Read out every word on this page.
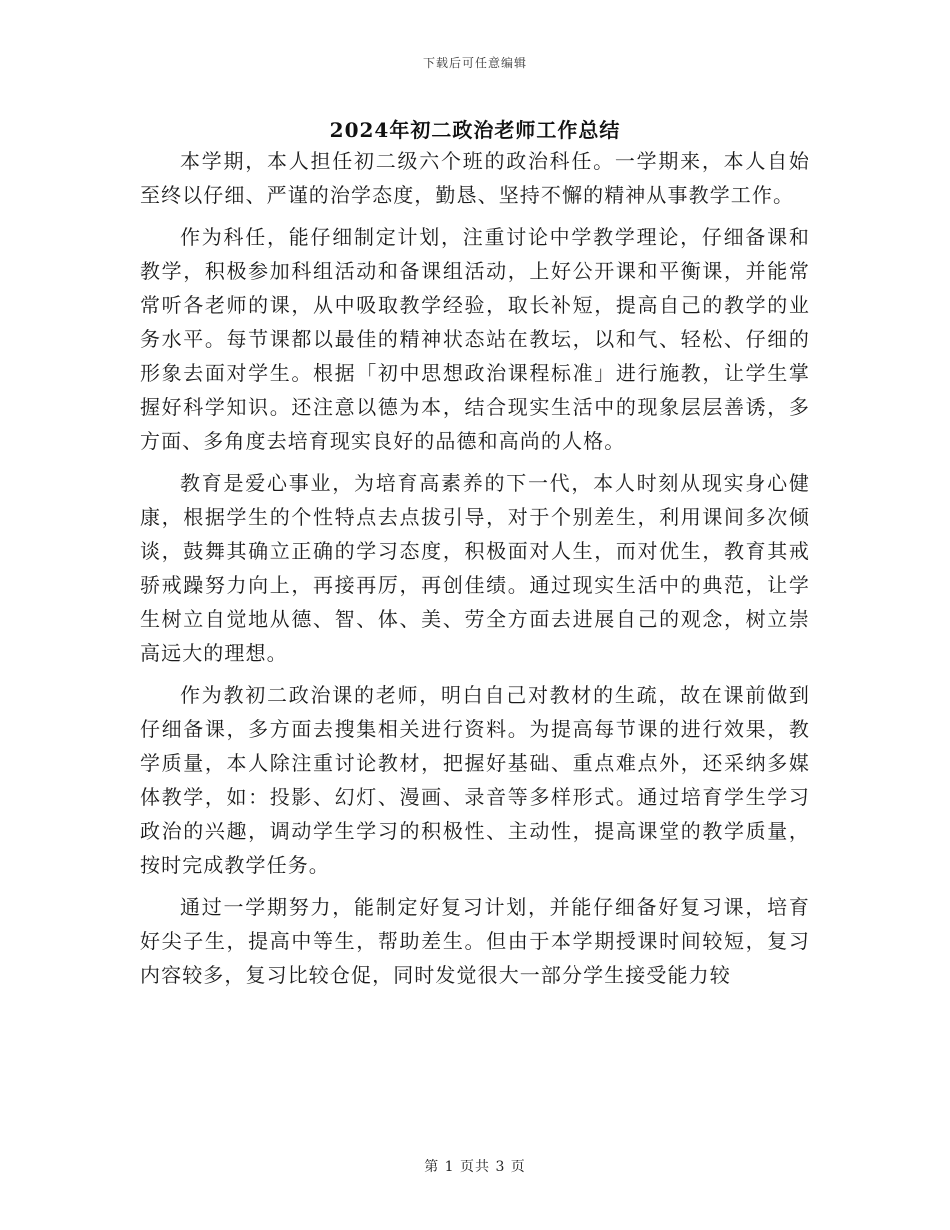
下载后可任意编辑
2024年初二政治老师工作总结

本学期，本人担任初二级六个班的政治科任。一学期来，本人自始至终以仔细、严谨的治学态度，勤恳、坚持不懈的精神从事教学工作。

作为科任，能仔细制定计划，注重讨论中学教学理论，仔细备课和教学，积极参加科组活动和备课组活动，上好公开课和平衡课，并能常常听各老师的课，从中吸取教学经验，取长补短，提高自己的教学的业务水平。每节课都以最佳的精神状态站在教坛，以和气、轻松、仔细的形象去面对学生。根据「初中思想政治课程标准」进行施教，让学生掌握好科学知识。还注意以德为本，结合现实生活中的现象层层善诱，多方面、多角度去培育现实良好的品德和高尚的人格。

教育是爱心事业，为培育高素养的下一代，本人时刻从现实身心健康，根据学生的个性特点去点拔引导，对于个别差生，利用课间多次倾谈，鼓舞其确立正确的学习态度，积极面对人生，而对优生，教育其戒骄戒躁努力向上，再接再厉，再创佳绩。通过现实生活中的典范，让学生树立自觉地从德、智、体、美、劳全方面去进展自己的观念，树立崇高远大的理想。

作为教初二政治课的老师，明白自己对教材的生疏，故在课前做到仔细备课，多方面去搜集相关进行资料。为提高每节课的进行效果，教学质量，本人除注重讨论教材，把握好基础、重点难点外，还采纳多媒体教学，如：投影、幻灯、漫画、录音等多样形式。通过培育学生学习政治的兴趣，调动学生学习的积极性、主动性，提高课堂的教学质量，按时完成教学任务。

通过一学期努力，能制定好复习计划，并能仔细备好复习课，培育好尖子生，提高中等生，帮助差生。但由于本学期授课时间较短，复习内容较多，复习比较仓促，同时发觉很大一部分学生接受能力较

第 1 页共 3 页
